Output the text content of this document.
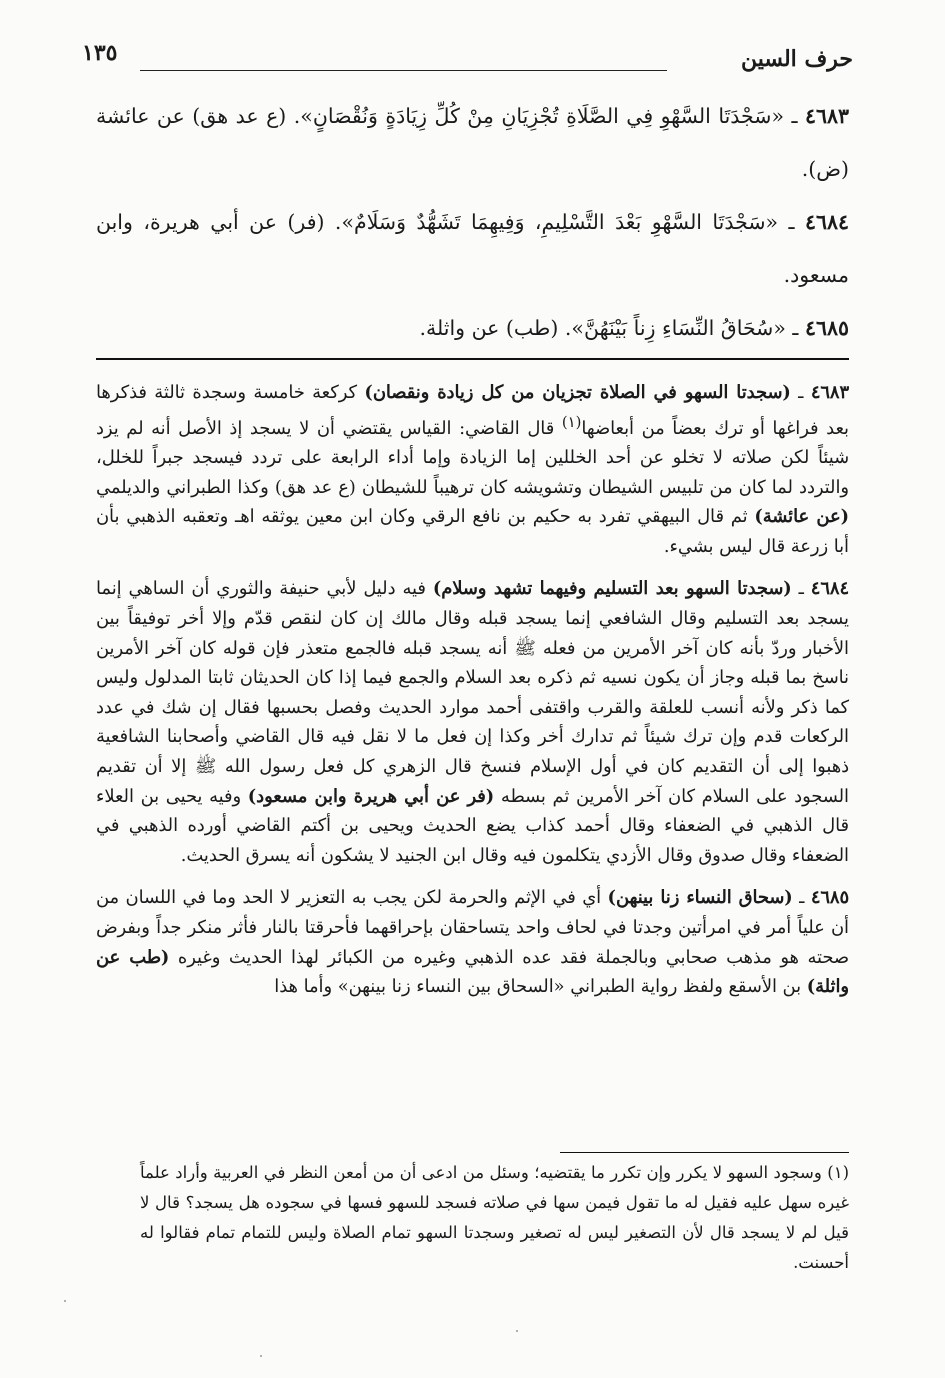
حرف السين
١٣٥

٤٦٨٣ ـ «سَجْدَتَا السَّهْوِ فِي الصَّلَاةِ تُجْزِيَانِ مِنْ كُلِّ زِيَادَةٍ وَنُقْصَانٍ». (ع عد هق) عن عائشة (ض).

٤٦٨٤ ـ «سَجْدَتَا السَّهْوِ بَعْدَ التَّسْلِيمِ، وَفِيهِمَا تَشَهُّدٌ وَسَلَامٌ». (فر) عن أبي هريرة، وابن مسعود.

٤٦٨٥ ـ «سُحَاقُ النِّسَاءِ زِناً بَيْنَهُنَّ». (طب) عن واثلة.

٤٦٨٣ ـ (سجدتا السهو في الصلاة تجزيان من كل زيادة ونقصان) كركعة خامسة وسجدة ثالثة فذكرها بعد فراغها أو ترك بعضاً من أبعاضها$^{(١)}$ قال القاضي: القياس يقتضي أن لا يسجد إذ الأصل أنه لم يزد شيئاً لكن صلاته لا تخلو عن أحد الخللين إما الزيادة وإما أداء الرابعة على تردد فيسجد جبراً للخلل، والتردد لما كان من تلبيس الشيطان وتشويشه كان ترهيباً للشيطان (ع عد هق) وكذا الطبراني والديلمي (عن عائشة) ثم قال البيهقي تفرد به حكيم بن نافع الرقي وكان ابن معين يوثقه اهـ وتعقبه الذهبي بأن أبا زرعة قال ليس بشيء.

٤٦٨٤ ـ (سجدتا السهو بعد التسليم وفيهما تشهد وسلام) فيه دليل لأبي حنيفة والثوري أن الساهي إنما يسجد بعد التسليم وقال الشافعي إنما يسجد قبله وقال مالك إن كان لنقص قدّم وإلا أخر توفيقاً بين الأخبار وردّ بأنه كان آخر الأمرين من فعله ﷺ أنه يسجد قبله فالجمع متعذر فإن قوله كان آخر الأمرين ناسخ بما قبله وجاز أن يكون نسيه ثم ذكره بعد السلام والجمع فيما إذا كان الحديثان ثابتا المدلول وليس كما ذكر ولأنه أنسب للعلقة والقرب واقتفى أحمد موارد الحديث وفصل بحسبها فقال إن شك في عدد الركعات قدم وإن ترك شيئاً ثم تدارك أخر وكذا إن فعل ما لا نقل فيه قال القاضي وأصحابنا الشافعية ذهبوا إلى أن التقديم كان في أول الإسلام فنسخ قال الزهري كل فعل رسول الله ﷺ إلا أن تقديم السجود على السلام كان آخر الأمرين ثم بسطه (فر عن أبي هريرة وابن مسعود) وفيه يحيى بن العلاء قال الذهبي في الضعفاء وقال أحمد كذاب يضع الحديث ويحيى بن أكتم القاضي أورده الذهبي في الضعفاء وقال صدوق وقال الأزدي يتكلمون فيه وقال ابن الجنيد لا يشكون أنه يسرق الحديث.

٤٦٨٥ ـ (سحاق النساء زنا بينهن) أي في الإثم والحرمة لكن يجب به التعزير لا الحد وما في اللسان من أن علياً أمر في امرأتين وجدتا في لحاف واحد يتساحقان بإحراقهما فأحرقتا بالنار فأثر منكر جداً وبفرض صحته هو مذهب صحابي وبالجملة فقد عده الذهبي وغيره من الكبائر لهذا الحديث وغيره (طب عن واثلة) بن الأسقع ولفظ رواية الطبراني «السحاق بين النساء زنا بينهن» وأما هذا

(١) وسجود السهو لا يكرر وإن تكرر ما يقتضيه؛ وسئل من ادعى أن من أمعن النظر في العربية وأراد علماً غيره سهل عليه فقيل له ما تقول فيمن سها في صلاته فسجد للسهو فسها في سجوده هل يسجد؟ قال لا قيل لم لا يسجد قال لأن التصغير ليس له تصغير وسجدتا السهو تمام الصلاة وليس للتمام تمام فقالوا له أحسنت.
